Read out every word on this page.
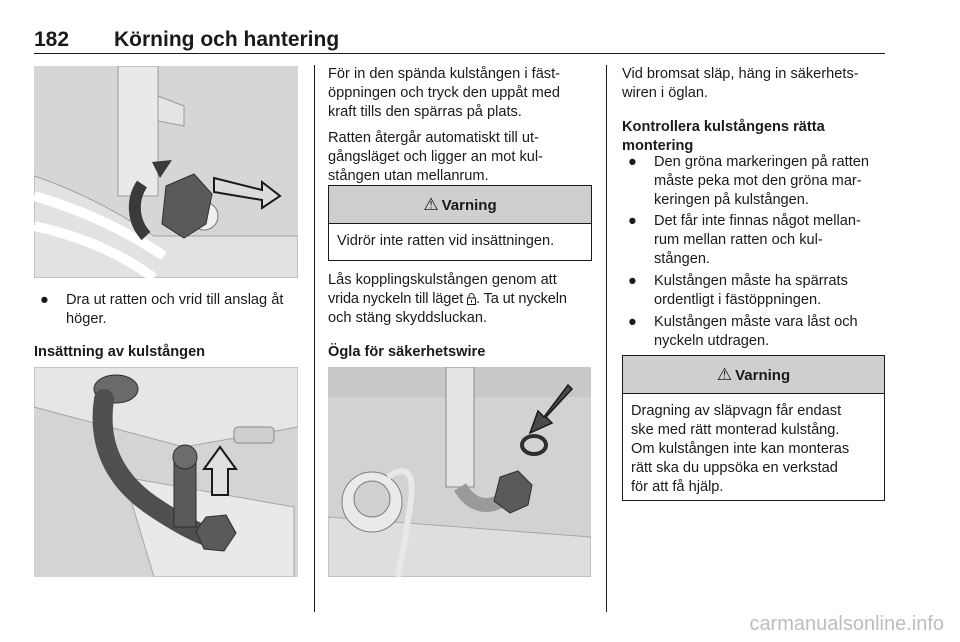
182 Körning och hantering
● Dra ut ratten och vrid till anslag åt
höger.
Insättning av kulstången
För in den spända kulstången i fäst-
öppningen och tryck den uppåt med
kraft tills den spärras på plats.
Ratten återgår automatiskt till ut-
gångsläget och ligger an mot kul-
stången utan mellanrum.
⚠ Varning
Vidrör inte ratten vid insättningen.
Lås kopplingskulstången genom att
vrida nyckeln till läget . Ta ut nyckeln
och stäng skyddsluckan.
Ögla för säkerhetswire
Vid bromsat släp, häng in säkerhets-
wiren i öglan.
Kontrollera kulstångens rätta
montering
● Den gröna markeringen på ratten
måste peka mot den gröna mar-
keringen på kulstången.
● Det får inte finnas något mellan-
rum mellan ratten och kul-
stången.
● Kulstången måste ha spärrats
ordentligt i fästöppningen.
● Kulstången måste vara låst och
nyckeln utdragen.
⚠ Varning
Dragning av släpvagn får endast
ske med rätt monterad kulstång.
Om kulstången inte kan monteras
rätt ska du uppsöka en verkstad
för att få hjälp.
carmanualsonline.info
